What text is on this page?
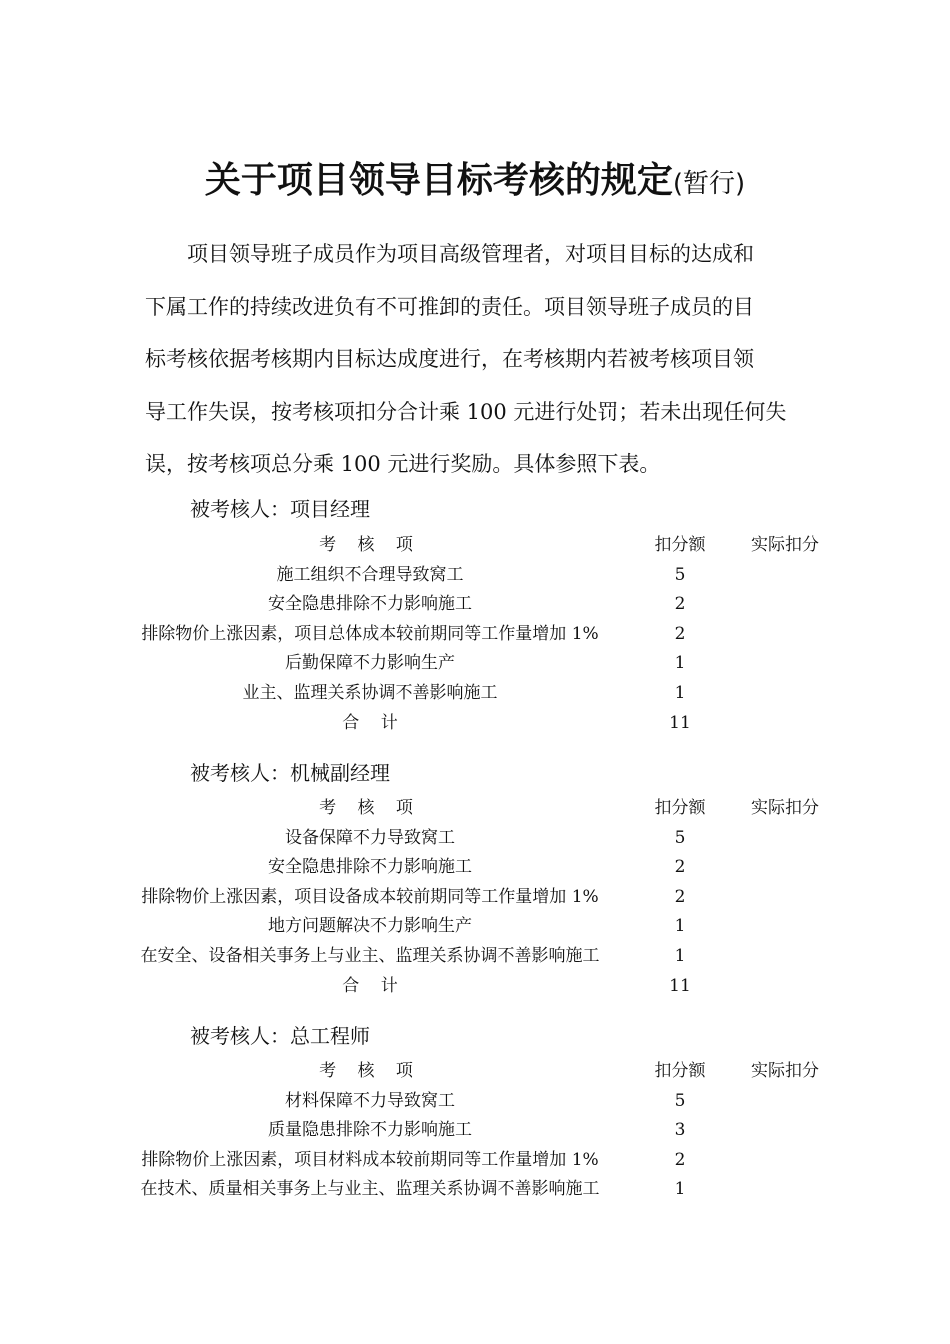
关于项目领导目标考核的规定(暂行)
项目领导班子成员作为项目高级管理者，对项目目标的达成和
下属工作的持续改进负有不可推卸的责任。项目领导班子成员的目
标考核依据考核期内目标达成度进行，在考核期内若被考核项目领
导工作失误，按考核项扣分合计乘 100 元进行处罚；若未出现任何失
误，按考核项总分乘 100 元进行奖励。具体参照下表。
被考核人：项目经理
考 核 项	扣分额	实际扣分
施工组织不合理导致窝工	5
安全隐患排除不力影响施工	2
排除物价上涨因素，项目总体成本较前期同等工作量增加 1%	2
后勤保障不力影响生产	1
业主、监理关系协调不善影响施工	1
合    计	11
被考核人：机械副经理
考 核 项	扣分额	实际扣分
设备保障不力导致窝工	5
安全隐患排除不力影响施工	2
排除物价上涨因素，项目设备成本较前期同等工作量增加 1%	2
地方问题解决不力影响生产	1
在安全、设备相关事务上与业主、监理关系协调不善影响施工	1
合    计	11
被考核人：总工程师
考 核 项	扣分额	实际扣分
材料保障不力导致窝工	5
质量隐患排除不力影响施工	3
排除物价上涨因素，项目材料成本较前期同等工作量增加 1%	2
在技术、质量相关事务上与业主、监理关系协调不善影响施工	1
